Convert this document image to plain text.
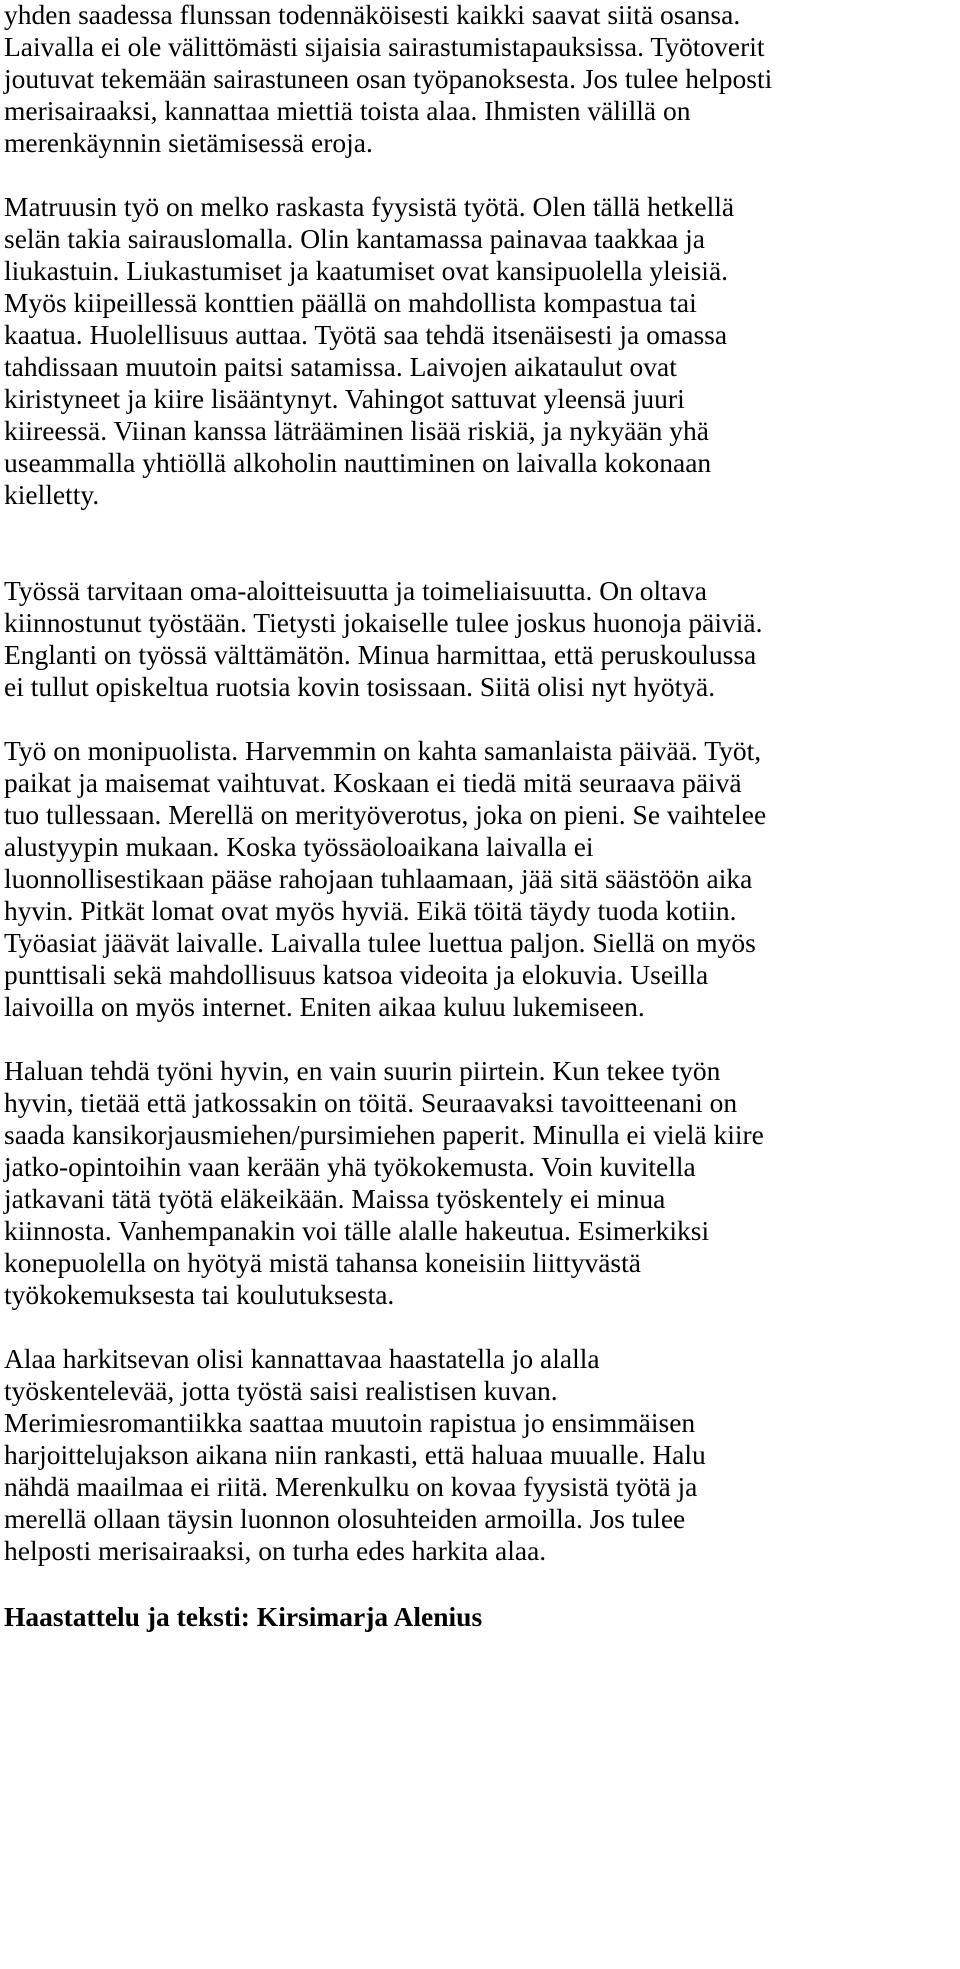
yhden saadessa flunssan todennäköisesti kaikki saavat siitä osansa.
Laivalla ei ole välittömästi sijaisia sairastumistapauksissa. Työtoverit
joutuvat tekemään sairastuneen osan työpanoksesta. Jos tulee helposti
merisairaaksi, kannattaa miettiä toista alaa. Ihmisten välillä on
merenkäynnin sietämisessä eroja.
Matruusin työ on melko raskasta fyysistä työtä. Olen tällä hetkellä
selän takia sairauslomalla. Olin kantamassa painavaa taakkaa ja
liukastuin. Liukastumiset ja kaatumiset ovat kansipuolella yleisiä.
Myös kiipeillessä konttien päällä on mahdollista kompastua tai
kaatua. Huolellisuus auttaa. Työtä saa tehdä itsenäisesti ja omassa
tahdissaan muutoin paitsi satamissa. Laivojen aikataulut ovat
kiristyneet ja kiire lisääntynyt. Vahingot sattuvat yleensä juuri
kiireessä. Viinan kanssa läträäminen lisää riskiä, ja nykyään yhä
useammalla yhtiöllä alkoholin nauttiminen on laivalla kokonaan
kielletty.
Työssä tarvitaan oma-aloitteisuutta ja toimeliaisuutta. On oltava
kiinnostunut työstään. Tietysti jokaiselle tulee joskus huonoja päiviä.
Englanti on työssä välttämätön. Minua harmittaa, että peruskoulussa
ei tullut opiskeltua ruotsia kovin tosissaan. Siitä olisi nyt hyötyä.
Työ on monipuolista. Harvemmin on kahta samanlaista päivää. Työt,
paikat ja maisemat vaihtuvat. Koskaan ei tiedä mitä seuraava päivä
tuo tullessaan. Merellä on merityöverotus, joka on pieni. Se vaihtelee
alustyypin mukaan. Koska työssäoloaikana laivalla ei
luonnollisestikaan pääse rahojaan tuhlaamaan, jää sitä säästöön aika
hyvin. Pitkät lomat ovat myös hyviä. Eikä töitä täydy tuoda kotiin.
Työasiat jäävät laivalle. Laivalla tulee luettua paljon. Siellä on myös
punttisali sekä mahdollisuus katsoa videoita ja elokuvia. Useilla
laivoilla on myös internet. Eniten aikaa kuluu lukemiseen.
Haluan tehdä työni hyvin, en vain suurin piirtein. Kun tekee työn
hyvin, tietää että jatkossakin on töitä. Seuraavaksi tavoitteenani on
saada kansikorjausmiehen/pursimiehen paperit. Minulla ei vielä kiire
jatko-opintoihin vaan kerään yhä työkokemusta. Voin kuvitella
jatkavani tätä työtä eläkeikään. Maissa työskentely ei minua
kiinnosta. Vanhempanakin voi tälle alalle hakeutua. Esimerkiksi
konepuolella on hyötyä mistä tahansa koneisiin liittyvästä
työkokemuksesta tai koulutuksesta.
Alaa harkitsevan olisi kannattavaa haastatella jo alalla
työskentelevää, jotta työstä saisi realistisen kuvan.
Merimiesromantiikka saattaa muutoin rapistua jo ensimmäisen
harjoittelujakson aikana niin rankasti, että haluaa muualle. Halu
nähdä maailmaa ei riitä. Merenkulku on kovaa fyysistä työtä ja
merellä ollaan täysin luonnon olosuhteiden armoilla. Jos tulee
helposti merisairaaksi, on turha edes harkita alaa.
Haastattelu ja teksti: Kirsimarja Alenius
